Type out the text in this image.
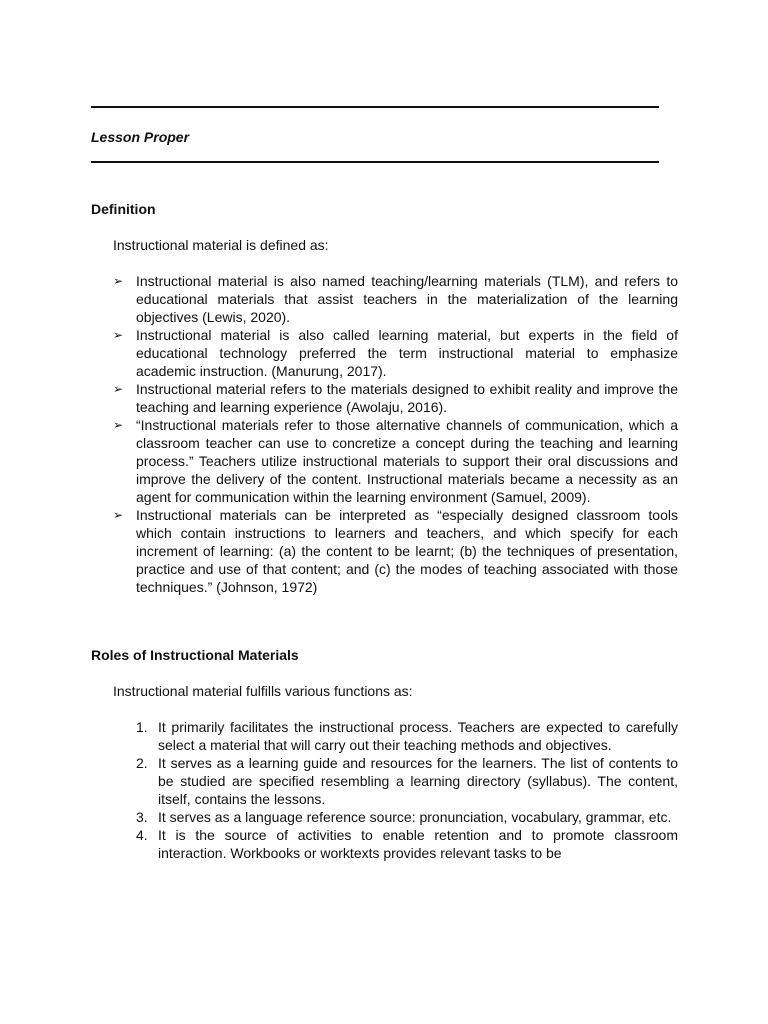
Lesson Proper
Definition
Instructional material is defined as:
➢ Instructional material is also named teaching/learning materials (TLM), and refers to educational materials that assist teachers in the materialization of the learning objectives (Lewis, 2020).
➢ Instructional material is also called learning material, but experts in the field of educational technology preferred the term instructional material to emphasize academic instruction. (Manurung, 2017).
➢ Instructional material refers to the materials designed to exhibit reality and improve the teaching and learning experience (Awolaju, 2016).
➢ “Instructional materials refer to those alternative channels of communication, which a classroom teacher can use to concretize a concept during the teaching and learning process.” Teachers utilize instructional materials to support their oral discussions and improve the delivery of the content. Instructional materials became a necessity as an agent for communication within the learning environment (Samuel, 2009).
➢ Instructional materials can be interpreted as “especially designed classroom tools which contain instructions to learners and teachers, and which specify for each increment of learning: (a) the content to be learnt; (b) the techniques of presentation, practice and use of that content; and (c) the modes of teaching associated with those techniques.” (Johnson, 1972)
Roles of Instructional Materials
Instructional material fulfills various functions as:
1. It primarily facilitates the instructional process. Teachers are expected to carefully select a material that will carry out their teaching methods and objectives.
2. It serves as a learning guide and resources for the learners. The list of contents to be studied are specified resembling a learning directory (syllabus). The content, itself, contains the lessons.
3. It serves as a language reference source: pronunciation, vocabulary, grammar, etc.
4. It is the source of activities to enable retention and to promote classroom interaction. Workbooks or worktexts provides relevant tasks to be
